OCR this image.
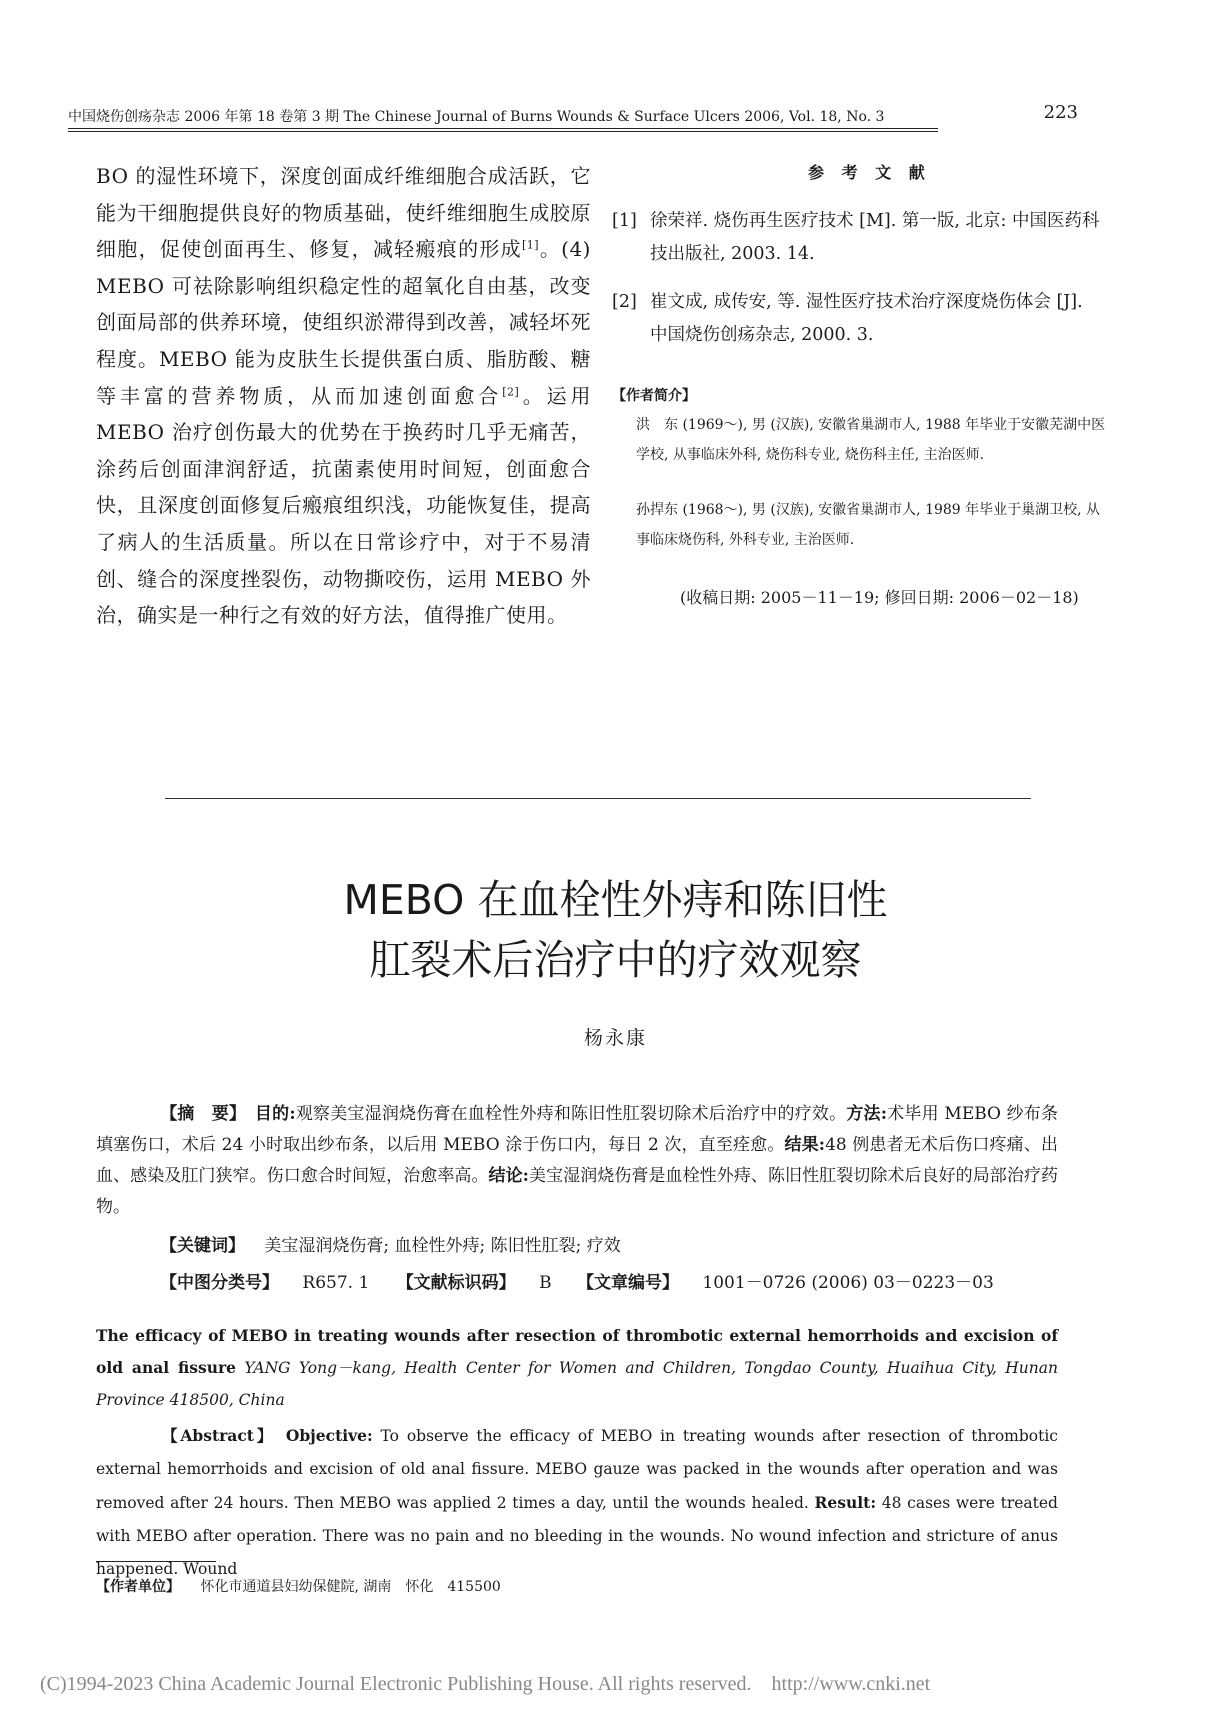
中国烧伤创疡杂志 2006 年第 18 卷第 3 期 The Chinese Journal of Burns Wounds & Surface Ulcers 2006, Vol. 18, No. 3	223

BO 的湿性环境下，深度创面成纤维细胞合成活跃，它能为干细胞提供良好的物质基础，使纤维细胞生成胶原细胞，促使创面再生、修复，减轻瘢痕的形成[1]。(4) MEBO 可祛除影响组织稳定性的超氧化自由基，改变创面局部的供养环境，使组织淤滞得到改善，减轻坏死程度。MEBO 能为皮肤生长提供蛋白质、脂肪酸、糖等丰富的营养物质，从而加速创面愈合[2]。运用 MEBO 治疗创伤最大的优势在于换药时几乎无痛苦，涂药后创面津润舒适，抗菌素使用时间短，创面愈合快，且深度创面修复后瘢痕组织浅，功能恢复佳，提高了病人的生活质量。所以在日常诊疗中，对于不易清创、缝合的深度挫裂伤，动物撕咬伤，运用 MEBO 外治，确实是一种行之有效的好方法，值得推广使用。

参 考 文 献
[1] 徐荣祥. 烧伤再生医疗技术 [M]. 第一版, 北京: 中国医药科技出版社, 2003. 14.
[2] 崔文成, 成传安, 等. 湿性医疗技术治疗深度烧伤体会 [J]. 中国烧伤创疡杂志, 2000. 3.
【作者简介】
洪　东 (1969～), 男 (汉族), 安徽省巢湖市人, 1988 年毕业于安徽芜湖中医学校, 从事临床外科, 烧伤科专业, 烧伤科主任, 主治医师.
孙捍东 (1968～), 男 (汉族), 安徽省巢湖市人, 1989 年毕业于巢湖卫校, 从事临床烧伤科, 外科专业, 主治医师.
(收稿日期: 2005－11－19; 修回日期: 2006－02－18)
MEBO 在血栓性外痔和陈旧性
肛裂术后治疗中的疗效观察
杨永康
【摘　要】　 目的:观察美宝湿润烧伤膏在血栓性外痔和陈旧性肛裂切除术后治疗中的疗效。方法:术毕用 MEBO 纱布条填塞伤口，术后 24 小时取出纱布条，以后用 MEBO 涂于伤口内，每日 2 次，直至痊愈。结果:48 例患者无术后伤口疼痛、出血、感染及肛门狭窄。伤口愈合时间短，治愈率高。结论:美宝湿润烧伤膏是血栓性外痔、陈旧性肛裂切除术后良好的局部治疗药物。
【关键词】 美宝湿润烧伤膏; 血栓性外痔; 陈旧性肛裂; 疗效
【中图分类号】 R657. 1 【文献标识码】 B 【文章编号】 1001－0726 (2006) 03－0223－03
The efficacy of MEBO in treating wounds after resection of thrombotic external hemorrhoids and excision of old anal fissure YANG Yong－kang, Health Center for Women and Children, Tongdao County, Huaihua City, Hunan Province 418500, China
【Abstract】　 Objective: To observe the efficacy of MEBO in treating wounds after resection of thrombotic external hemorrhoids and excision of old anal fissure. MEBO gauze was packed in the wounds after operation and was removed after 24 hours. Then MEBO was applied 2 times a day, until the wounds healed. Result: 48 cases were treated with MEBO after operation. There was no pain and no bleeding in the wounds. No wound infection and stricture of anus happened. Wound
【作者单位】 怀化市通道县妇幼保健院, 湖南　怀化　415500
(C)1994-2023 China Academic Journal Electronic Publishing House. All rights reserved.　http://www.cnki.net
